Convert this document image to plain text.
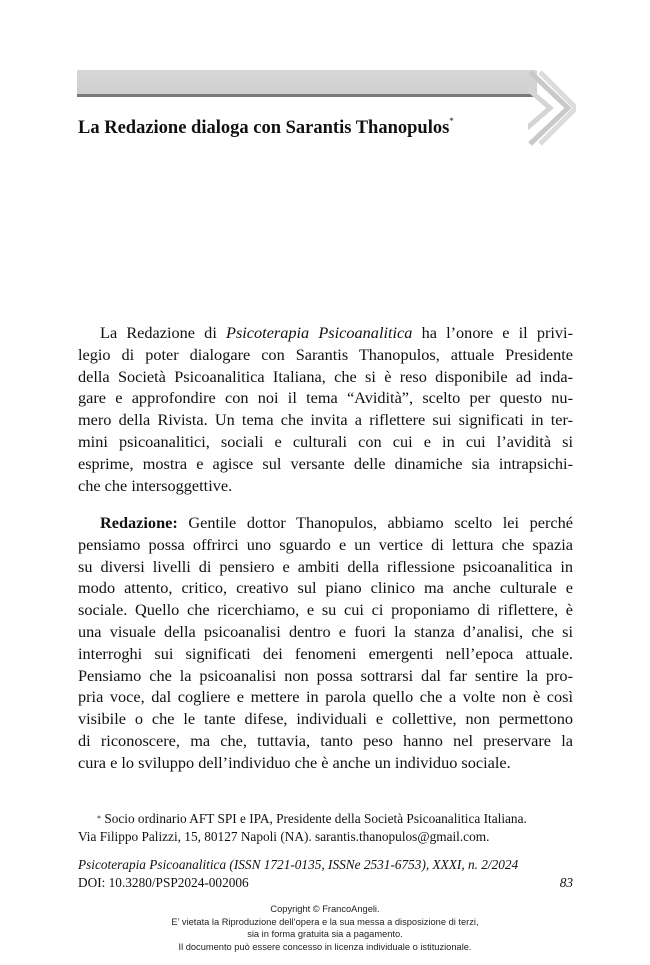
La Redazione dialoga con Sarantis Thanopulos*
La Redazione di Psicoterapia Psicoanalitica ha l’onore e il privi-
legio di poter dialogare con Sarantis Thanopulos, attuale Presidente
della Società Psicoanalitica Italiana, che si è reso disponibile ad inda-
gare e approfondire con noi il tema “Avidità”, scelto per questo nu-
mero della Rivista. Un tema che invita a riflettere sui significati in ter-
mini psicoanalitici, sociali e culturali con cui e in cui l’avidità si
esprime, mostra e agisce sul versante delle dinamiche sia intrapsichi-
che che intersoggettive.
Redazione: Gentile dottor Thanopulos, abbiamo scelto lei perché
pensiamo possa offrirci uno sguardo e un vertice di lettura che spazia
su diversi livelli di pensiero e ambiti della riflessione psicoanalitica in
modo attento, critico, creativo sul piano clinico ma anche culturale e
sociale. Quello che ricerchiamo, e su cui ci proponiamo di riflettere, è
una visuale della psicoanalisi dentro e fuori la stanza d’analisi, che si
interroghi sui significati dei fenomeni emergenti nell’epoca attuale.
Pensiamo che la psicoanalisi non possa sottrarsi dal far sentire la pro-
pria voce, dal cogliere e mettere in parola quello che a volte non è così
visibile o che le tante difese, individuali e collettive, non permettono
di riconoscere, ma che, tuttavia, tanto peso hanno nel preservare la
cura e lo sviluppo dell’individuo che è anche un individuo sociale.
* Socio ordinario AFT SPI e IPA, Presidente della Società Psicoanalitica Italiana.
Via Filippo Palizzi, 15, 80127 Napoli (NA). sarantis.thanopulos@gmail.com.
Psicoterapia Psicoanalitica (ISSN 1721-0135, ISSNe 2531-6753), XXXI, n. 2/2024
DOI: 10.3280/PSP2024-002006	83
Copyright © FrancoAngeli.
E’ vietata la Riproduzione dell’opera e la sua messa a disposizione di terzi,
sia in forma gratuita sia a pagamento.
Il documento può essere concesso in licenza individuale o istituzionale.
